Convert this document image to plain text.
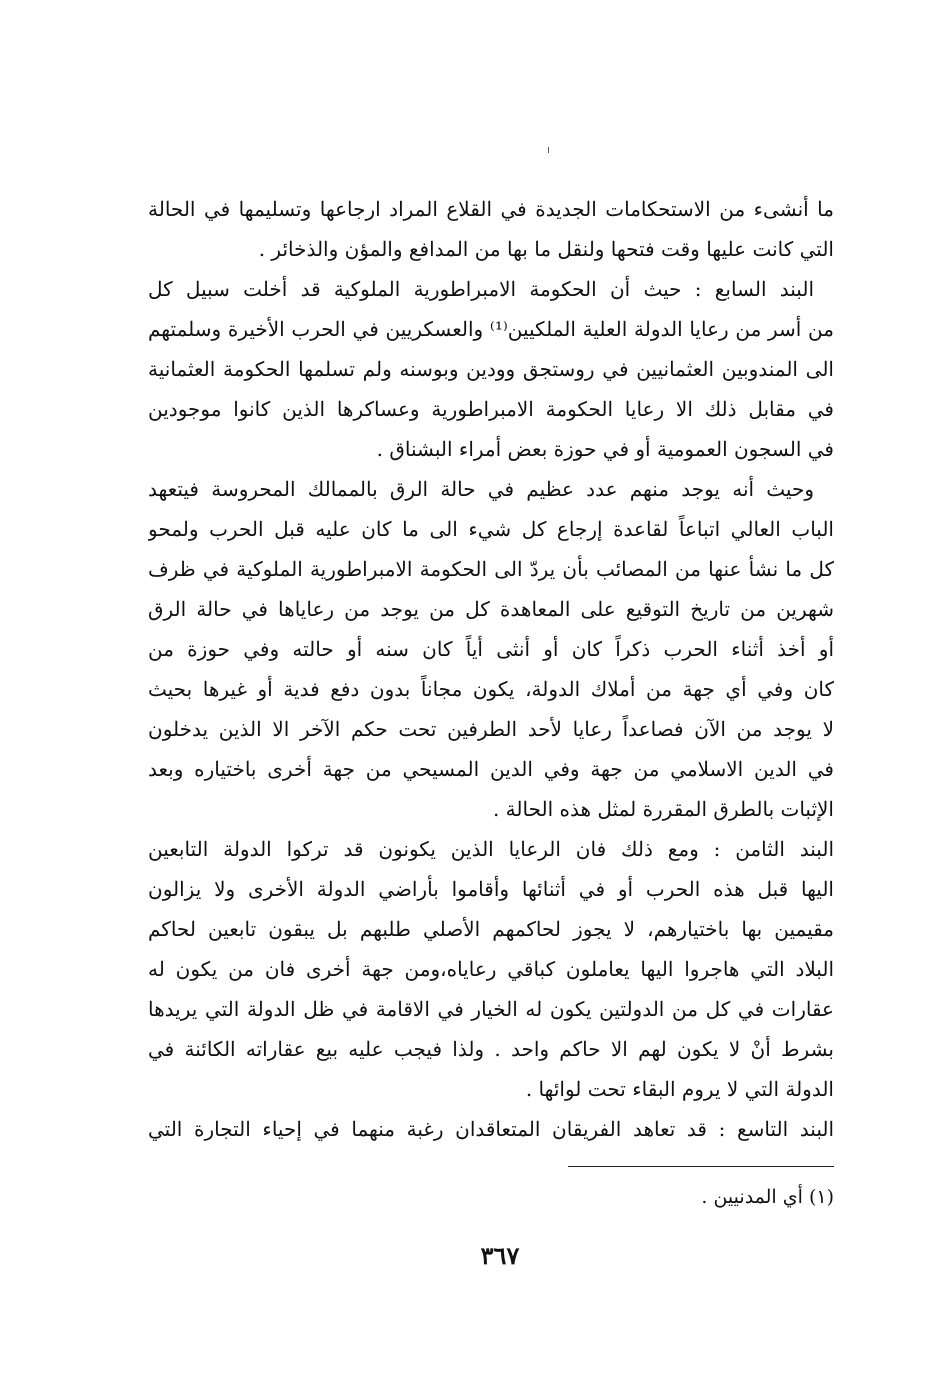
ما أنشىء من الاستحكامات الجديدة في القلاع المراد ارجاعها وتسليمها في الحالة
التي كانت عليها وقت فتحها ولنقل ما بها من المدافع والمؤن والذخائر .
البند السابع : حيث أن الحكومة الامبراطورية الملوكية قد أخلت سبيل كل
من أسر من رعايا الدولة العلية الملكيين⁽¹⁾ والعسكريين في الحرب الأخيرة وسلمتهم
الى المندوبين العثمانيين في روستجق وودين وبوسنه ولم تسلمها الحكومة العثمانية
في مقابل ذلك الا رعايا الحكومة الامبراطورية وعساكرها الذين كانوا موجودين
في السجون العمومية أو في حوزة بعض أمراء البشناق .
وحيث أنه يوجد منهم عدد عظيم في حالة الرق بالممالك المحروسة فيتعهد
الباب العالي اتباعاً لقاعدة إرجاع كل شيء الى ما كان عليه قبل الحرب ولمحو
كل ما نشأ عنها من المصائب بأن يردّ الى الحكومة الامبراطورية الملوكية في ظرف
شهرين من تاريخ التوقيع على المعاهدة كل من يوجد من رعاياها في حالة الرق
أو أخذ أثناء الحرب ذكراً كان أو أنثى أياً كان سنه أو حالته وفي حوزة من
كان وفي أي جهة من أملاك الدولة، يكون مجاناً بدون دفع فدية أو غيرها بحيث
لا يوجد من الآن فصاعداً رعايا لأحد الطرفين تحت حكم الآخر الا الذين يدخلون
في الدين الاسلامي من جهة وفي الدين المسيحي من جهة أخرى باختياره وبعد
الإثبات بالطرق المقررة لمثل هذه الحالة .
البند الثامن : ومع ذلك فان الرعايا الذين يكونون قد تركوا الدولة التابعين
اليها قبل هذه الحرب أو في أثنائها وأقاموا بأراضي الدولة الأخرى ولا يزالون
مقيمين بها باختيارهم، لا يجوز لحاكمهم الأصلي طلبهم بل يبقون تابعين لحاكم
البلاد التي هاجروا اليها يعاملون كباقي رعاياه،ومن جهة أخرى فان من يكون له
عقارات في كل من الدولتين يكون له الخيار في الاقامة في ظل الدولة التي يريدها
بشرط أنْ لا يكون لهم الا حاكم واحد . ولذا فيجب عليه بيع عقاراته الكائنة في
الدولة التي لا يروم البقاء تحت لوائها .
البند التاسع : قد تعاهد الفريقان المتعاقدان رغبة منهما في إحياء التجارة التي
(١) أي المدنيين .
٣٦٧
